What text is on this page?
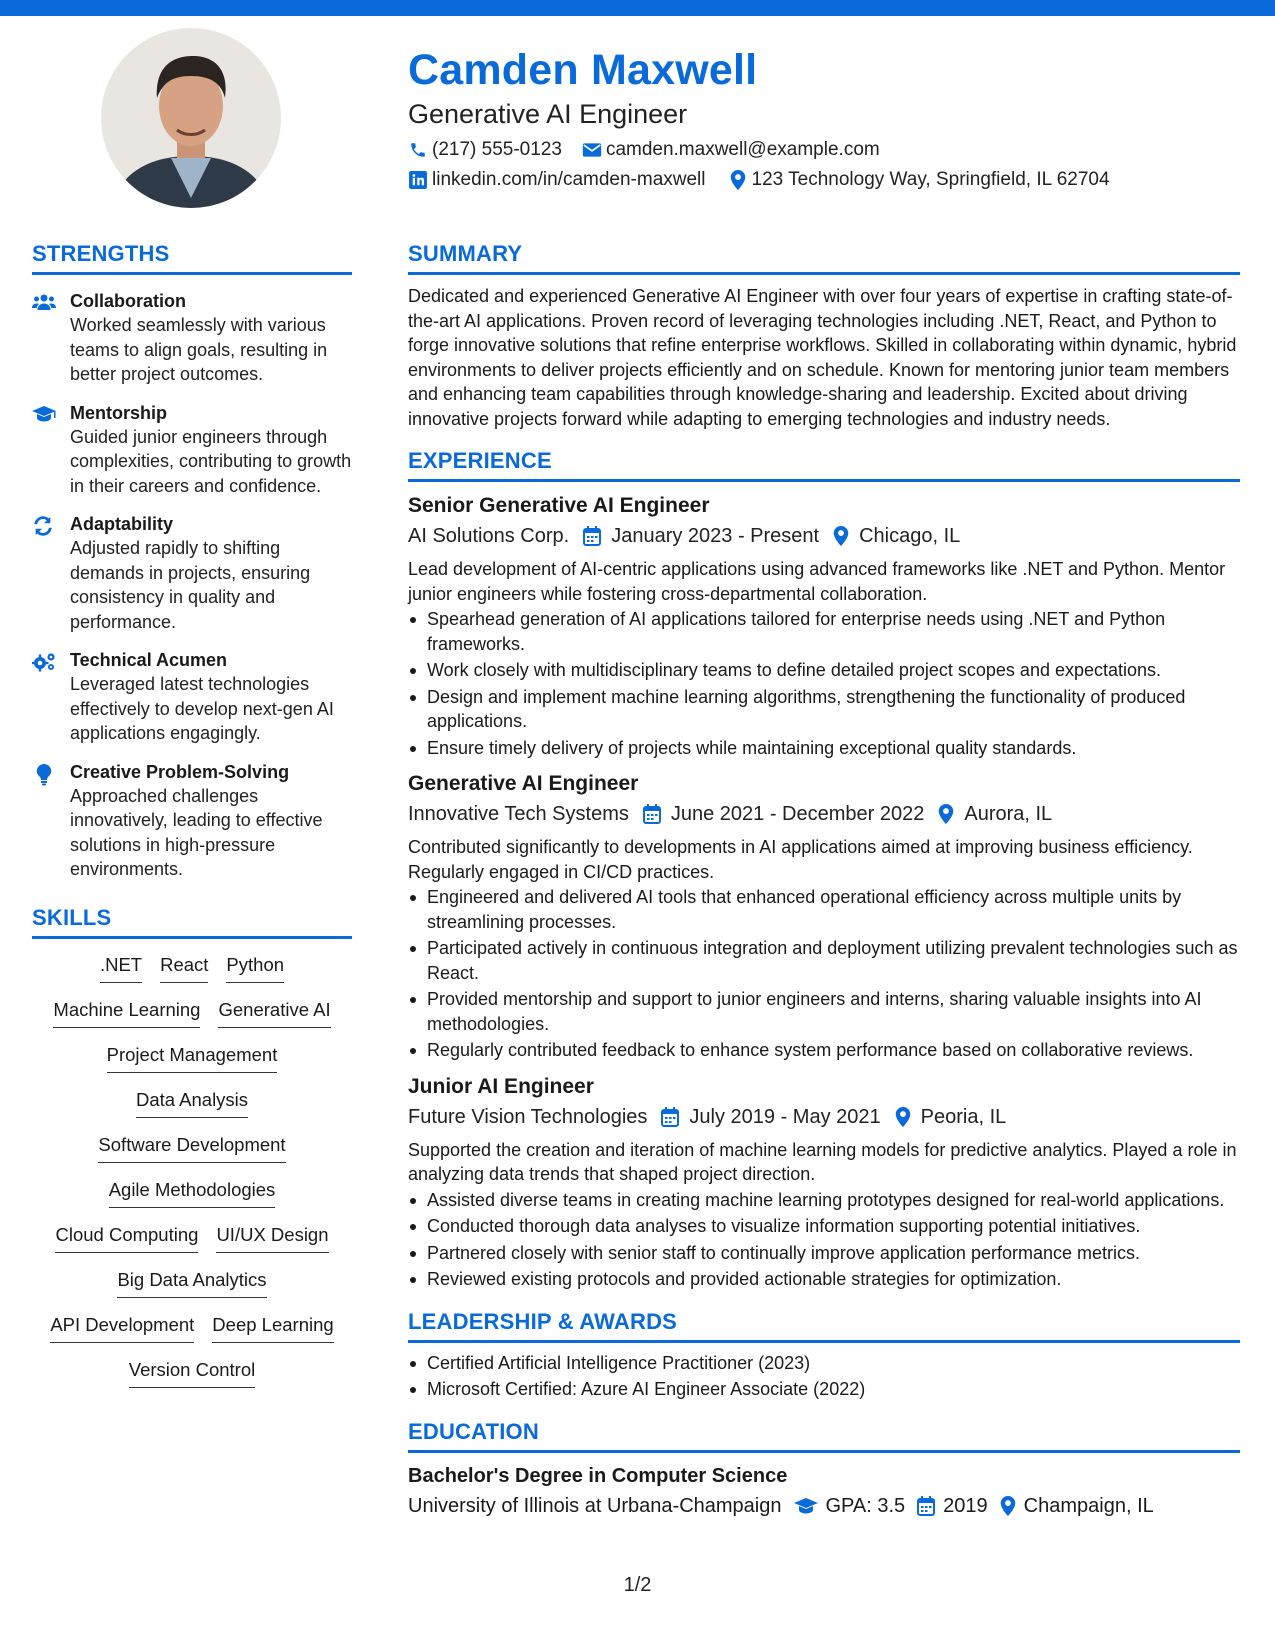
Camden Maxwell
Generative AI Engineer
(217) 555-0123 camden.maxwell@example.com
linkedin.com/in/camden-maxwell 123 Technology Way, Springfield, IL 62704
STRENGTHS
Collaboration
Worked seamlessly with various teams to align goals, resulting in better project outcomes.
Mentorship
Guided junior engineers through complexities, contributing to growth in their careers and confidence.
Adaptability
Adjusted rapidly to shifting demands in projects, ensuring consistency in quality and performance.
Technical Acumen
Leveraged latest technologies effectively to develop next-gen AI applications engagingly.
Creative Problem-Solving
Approached challenges innovatively, leading to effective solutions in high-pressure environments.
SKILLS
.NET React Python
Machine Learning Generative AI
Project Management
Data Analysis
Software Development
Agile Methodologies
Cloud Computing UI/UX Design
Big Data Analytics
API Development Deep Learning
Version Control
SUMMARY
Dedicated and experienced Generative AI Engineer with over four years of expertise in crafting state-of-the-art AI applications. Proven record of leveraging technologies including .NET, React, and Python to forge innovative solutions that refine enterprise workflows. Skilled in collaborating within dynamic, hybrid environments to deliver projects efficiently and on schedule. Known for mentoring junior team members and enhancing team capabilities through knowledge-sharing and leadership. Excited about driving innovative projects forward while adapting to emerging technologies and industry needs.
EXPERIENCE
Senior Generative AI Engineer
AI Solutions Corp. January 2023 - Present Chicago, IL
Lead development of AI-centric applications using advanced frameworks like .NET and Python. Mentor junior engineers while fostering cross-departmental collaboration.
Spearhead generation of AI applications tailored for enterprise needs using .NET and Python frameworks.
Work closely with multidisciplinary teams to define detailed project scopes and expectations.
Design and implement machine learning algorithms, strengthening the functionality of produced applications.
Ensure timely delivery of projects while maintaining exceptional quality standards.
Generative AI Engineer
Innovative Tech Systems June 2021 - December 2022 Aurora, IL
Contributed significantly to developments in AI applications aimed at improving business efficiency. Regularly engaged in CI/CD practices.
Engineered and delivered AI tools that enhanced operational efficiency across multiple units by streamlining processes.
Participated actively in continuous integration and deployment utilizing prevalent technologies such as React.
Provided mentorship and support to junior engineers and interns, sharing valuable insights into AI methodologies.
Regularly contributed feedback to enhance system performance based on collaborative reviews.
Junior AI Engineer
Future Vision Technologies July 2019 - May 2021 Peoria, IL
Supported the creation and iteration of machine learning models for predictive analytics. Played a role in analyzing data trends that shaped project direction.
Assisted diverse teams in creating machine learning prototypes designed for real-world applications.
Conducted thorough data analyses to visualize information supporting potential initiatives.
Partnered closely with senior staff to continually improve application performance metrics.
Reviewed existing protocols and provided actionable strategies for optimization.
LEADERSHIP & AWARDS
Certified Artificial Intelligence Practitioner (2023)
Microsoft Certified: Azure AI Engineer Associate (2022)
EDUCATION
Bachelor's Degree in Computer Science
University of Illinois at Urbana-Champaign GPA: 3.5 2019 Champaign, IL
1/2
